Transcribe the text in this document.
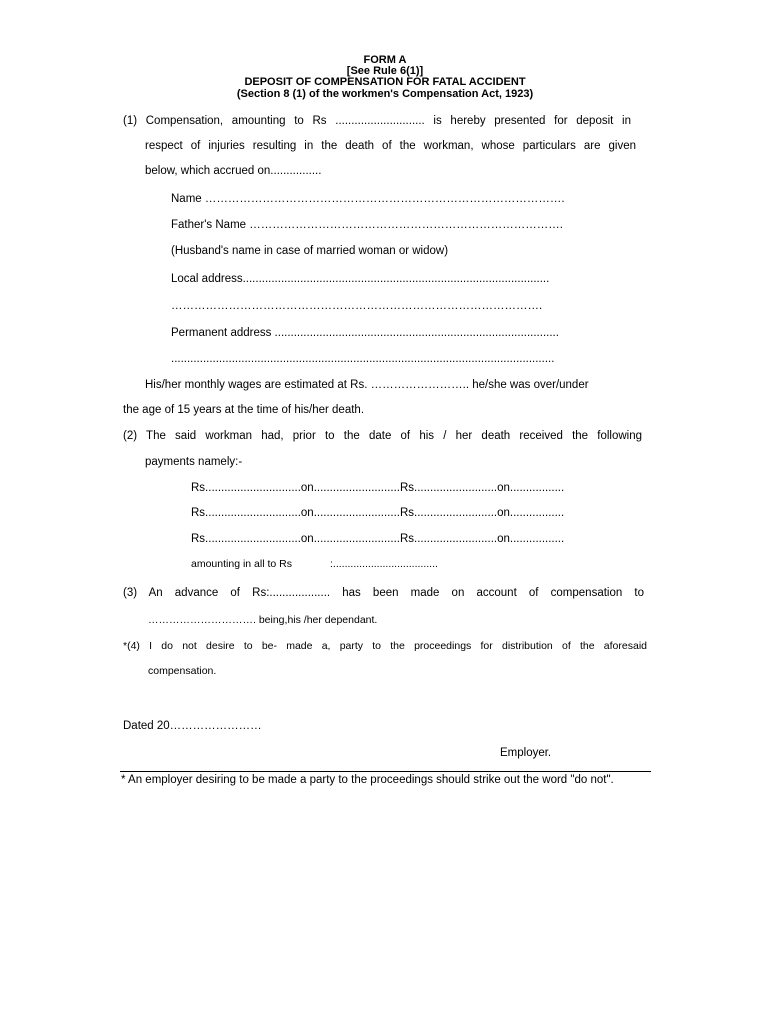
FORM A
[See Rule 6(1)]
DEPOSIT OF COMPENSATION FOR FATAL ACCIDENT
(Section 8 (1) of the workmen's Compensation Act, 1923)
(1) Compensation, amounting to Rs ............................ is hereby presented for deposit in
respect of injuries resulting in the death of the workman, whose particulars are given
below, which accrued on................
Name ………………………………………………………………………………….
Father's Name ……………………………………………………………………….
(Husband's name in case of married woman or widow)
Local address................................................................................................
…………………………………………………………………………………….
Permanent address .........................................................................................
........................................................................................................................
His/her monthly wages are estimated at Rs. …………………….. he/she was over/under
the age of 15 years at the time of his/her death.
(2) The said workman had, prior to the date of his / her death received the following
payments namely:-
Rs..............................on...........................Rs..........................on.................
Rs..............................on...........................Rs..........................on.................
Rs..............................on...........................Rs..........................on.................
amounting in all to Rs	:....................................
(3) An advance of Rs:................... has been made on account of compensation to
…………………………. being,his /her dependant.
*(4) I do not desire to be- made a, party to the proceedings for distribution of the aforesaid
compensation.
Dated 20……………………
Employer.
* An employer desiring to be made a party to the proceedings should strike out the word "do not".
